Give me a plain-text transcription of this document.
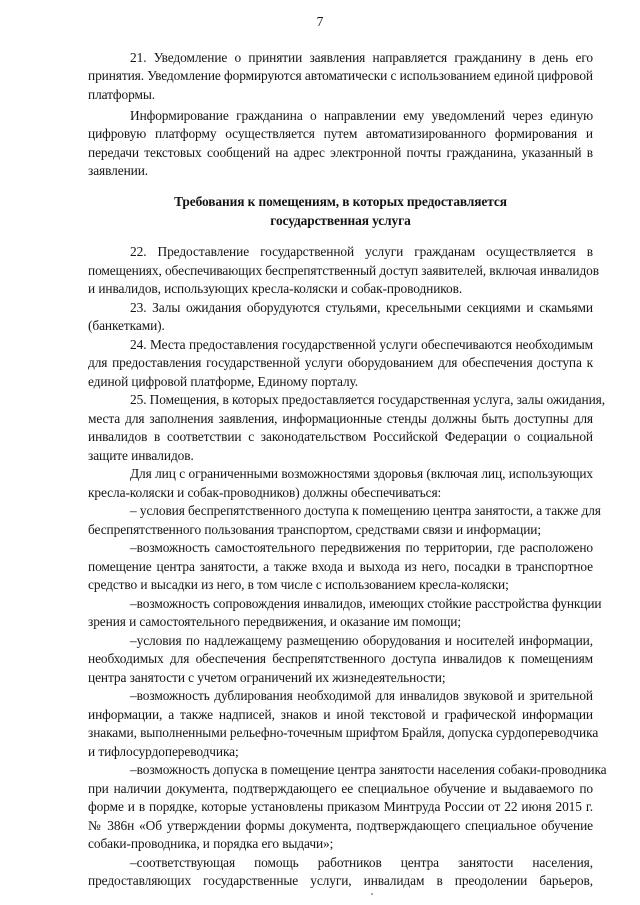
7
21. Уведомление о принятии заявления направляется гражданину в день его
принятия. Уведомление формируются автоматически с использованием единой цифровой
платформы.
Информирование гражданина о направлении ему уведомлений через единую
цифровую платформу осуществляется путем автоматизированного формирования и
передачи текстовых сообщений на адрес электронной почты гражданина, указанный в
заявлении.
Требования к помещениям, в которых предоставляется
государственная услуга
22. Предоставление государственной услуги гражданам осуществляется в
помещениях, обеспечивающих беспрепятственный доступ заявителей, включая инвалидов
и инвалидов, использующих кресла-коляски и собак-проводников.
23. Залы ожидания оборудуются стульями, кресельными секциями и скамьями
(банкетками).
24. Места предоставления государственной услуги обеспечиваются необходимым
для предоставления государственной услуги оборудованием для обеспечения доступа к
единой цифровой платформе, Единому порталу.
25. Помещения, в которых предоставляется государственная услуга, залы ожидания,
места для заполнения заявления, информационные стенды должны быть доступны для
инвалидов в соответствии с законодательством Российской Федерации о социальной
защите инвалидов.
Для лиц с ограниченными возможностями здоровья (включая лиц, использующих
кресла-коляски и собак-проводников) должны обеспечиваться:
– условия беспрепятственного доступа к помещению центра занятости, а также для
беспрепятственного пользования транспортом, средствами связи и информации;
–возможность самостоятельного передвижения по территории, где расположено
помещение центра занятости, а также входа и выхода из него, посадки в транспортное
средство и высадки из него, в том числе с использованием кресла-коляски;
–возможность сопровождения инвалидов, имеющих стойкие расстройства функции
зрения и самостоятельного передвижения, и оказание им помощи;
–условия по надлежащему размещению оборудования и носителей информации,
необходимых для обеспечения беспрепятственного доступа инвалидов к помещениям
центра занятости с учетом ограничений их жизнедеятельности;
–возможность дублирования необходимой для инвалидов звуковой и зрительной
информации, а также надписей, знаков и иной текстовой и графической информации
знаками, выполненными рельефно-точечным шрифтом Брайля, допуска сурдопереводчика
и тифлосурдопереводчика;
–возможность допуска в помещение центра занятости населения собаки-проводника
при наличии документа, подтверждающего ее специальное обучение и выдаваемого по
форме и в порядке, которые установлены приказом Минтруда России от 22 июня 2015 г.
№ 386н «Об утверждении формы документа, подтверждающего специальное обучение
собаки-проводника, и порядка его выдачи»;
–соответствующая помощь работников центра занятости населения,
предоставляющих государственные услуги, инвалидам в преодолении барьеров,
